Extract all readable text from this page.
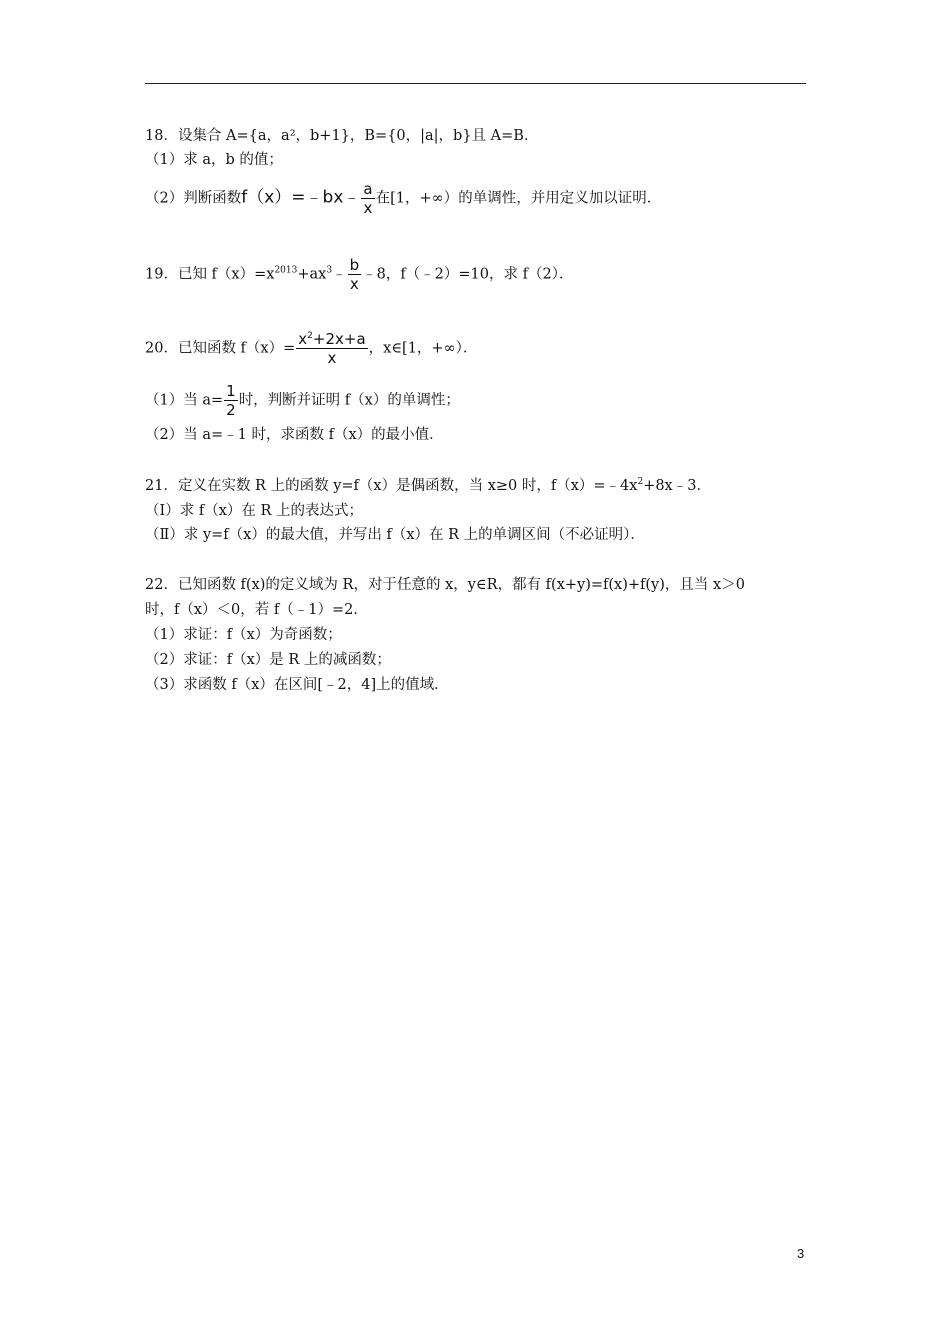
18．设集合 A={a，a²，b+1}，B={0，|a|，b}且 A=B．
（1）求 a，b 的值；
（2）判断函数f（x）=﹣bx﹣ $\frac{a}{x}$ 在[1，+∞）的单调性，并用定义加以证明．
19．已知 $f(x)=x^{2013}+ax^3﹣ \frac{b}{x}$ ﹣8，f（﹣2）=10，求 f（2）．
20．已知函数 $f(x)= \frac{x^2+2x+a}{x}$ ，x∈[1，+∞）．
（1）当 $a= \frac{1}{2}$ 时，判断并证明 f（x）的单调性；
（2）当 a=﹣1 时，求函数 f（x）的最小值．
21．定义在实数 R 上的函数 y=f（x）是偶函数，当 x≥0 时，$f(x)=﹣4x^2+8x﹣3$．
（Ⅰ）求 f（x）在 R 上的表达式；
（Ⅱ）求 y=f（x）的最大值，并写出 f（x）在 R 上的单调区间（不必证明）．
22．已知函数 f(x)的定义域为 R，对于任意的 x，y∈R，都有 f(x+y)=f(x)+f(y)，且当 x＞0
时，f（x）＜0，若 f（﹣1）=2．
（1）求证：f（x）为奇函数；
（2）求证：f（x）是 R 上的减函数；
（3）求函数 f（x）在区间[﹣2，4]上的值域．
3
